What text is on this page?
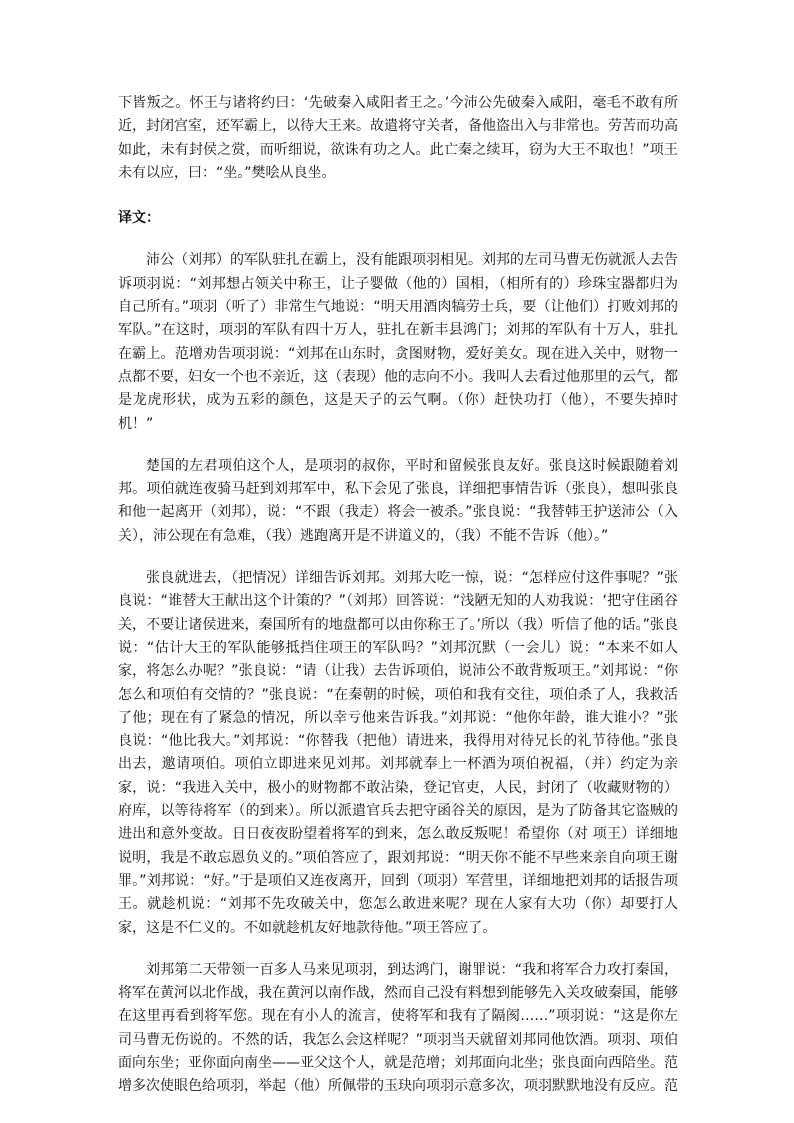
下皆叛之。怀王与诸将约曰：‘先破秦入咸阳者王之。’今沛公先破秦入咸阳，毫毛不敢有所近，封闭宫室，还军霸上，以待大王来。故遣将守关者，备他盗出入与非常也。劳苦而功高如此，未有封侯之赏，而听细说，欲诛有功之人。此亡秦之续耳，窃为大王不取也！”项王未有以应，曰：“坐。”樊哙从良坐。

译文：

沛公（刘邦）的军队驻扎在霸上，没有能跟项羽相见。刘邦的左司马曹无伤就派人去告诉项羽说：“刘邦想占领关中称王，让子婴做（他的）国相，（相所有的）珍珠宝器都归为自己所有。”项羽（听了）非常生气地说：“明天用酒肉犒劳士兵，要（让他们）打败刘邦的军队。”在这时，项羽的军队有四十万人，驻扎在新丰县鸿门；刘邦的军队有十万人，驻扎在霸上。范增劝告项羽说：“刘邦在山东时，贪图财物，爱好美女。现在进入关中，财物一点都不要，妇女一个也不亲近，这（表现）他的志向不小。我叫人去看过他那里的云气，都是龙虎形状，成为五彩的颜色，这是天子的云气啊。（你）赶快功打（他），不要失掉时机！”

楚国的左君项伯这个人，是项羽的叔你，平时和留候张良友好。张良这时候跟随着刘邦。项伯就连夜骑马赶到刘邦军中，私下会见了张良，详细把事情告诉（张良），想叫张良和他一起离开（刘邦），说：“不跟（我走）将会一被杀。”张良说：“我替韩王护送沛公（入关），沛公现在有急难，（我）逃跑离开是不讲道义的，（我）不能不告诉（他）。”

张良就进去，（把情况）详细告诉刘邦。刘邦大吃一惊，说：“怎样应付这件事呢？”张良说：“谁替大王献出这个计策的？”（刘邦）回答说：“浅陋无知的人劝我说：‘把守住函谷关，不要让诸侯进来，秦国所有的地盘都可以由你称王了。’所以（我）听信了他的话。”张良说：“估计大王的军队能够抵挡住项王的军队吗？”刘邦沉默（一会儿）说：“本来不如人家，将怎么办呢？”张良说：“请（让我）去告诉项伯，说沛公不敢背叛项王。”刘邦说：“你怎么和项伯有交情的？”张良说：“在秦朝的时候，项伯和我有交往，项伯杀了人，我救活了他；现在有了紧急的情况，所以幸亏他来告诉我。”刘邦说：“他你年龄，谁大谁小？”张良说：“他比我大。”刘邦说：“你替我（把他）请进来，我得用对待兄长的礼节待他。”张良出去，邀请项伯。项伯立即进来见刘邦。刘邦就奉上一杯酒为项伯祝福，（并）约定为亲家，说：“我进入关中，极小的财物都不敢沾染，登记官吏，人民，封闭了（收藏财物的）府库，以等待将军（的到来）。所以派遣官兵去把守函谷关的原因，是为了防备其它盗贼的进出和意外变故。日日夜夜盼望着将军的到来，怎么敢反叛呢！希望你（对 项王）详细地说明，我是不敢忘恩负义的。”项伯答应了，跟刘邦说：“明天你不能不早些来亲自向项王谢罪。”刘邦说：“好。”于是项伯又连夜离开，回到（项羽）军营里，详细地把刘邦的话报告项王。就趁机说：“刘邦不先攻破关中，您怎么敢进来呢？现在人家有大功（你）却要打人家，这是不仁义的。不如就趁机友好地款待他。”项王答应了。

刘邦第二天带领一百多人马来见项羽，到达鸿门，谢罪说：“我和将军合力攻打秦国，将军在黄河以北作战，我在黄河以南作战，然而自己没有料想到能够先入关攻破秦国，能够在这里再看到将军您。现在有小人的流言，使将军和我有了隔阂……”项羽说：“这是你左司马曹无伤说的。不然的话，我怎么会这样呢？”项羽当天就留刘邦同他饮酒。项羽、项伯面向东坐；亚你面向南坐——亚父这个人，就是范增；刘邦面向北坐；张良面向西陪坐。范增多次使眼色给项羽，举起（他）所佩带的玉玦向项羽示意多次，项羽默默地没有反应。范
